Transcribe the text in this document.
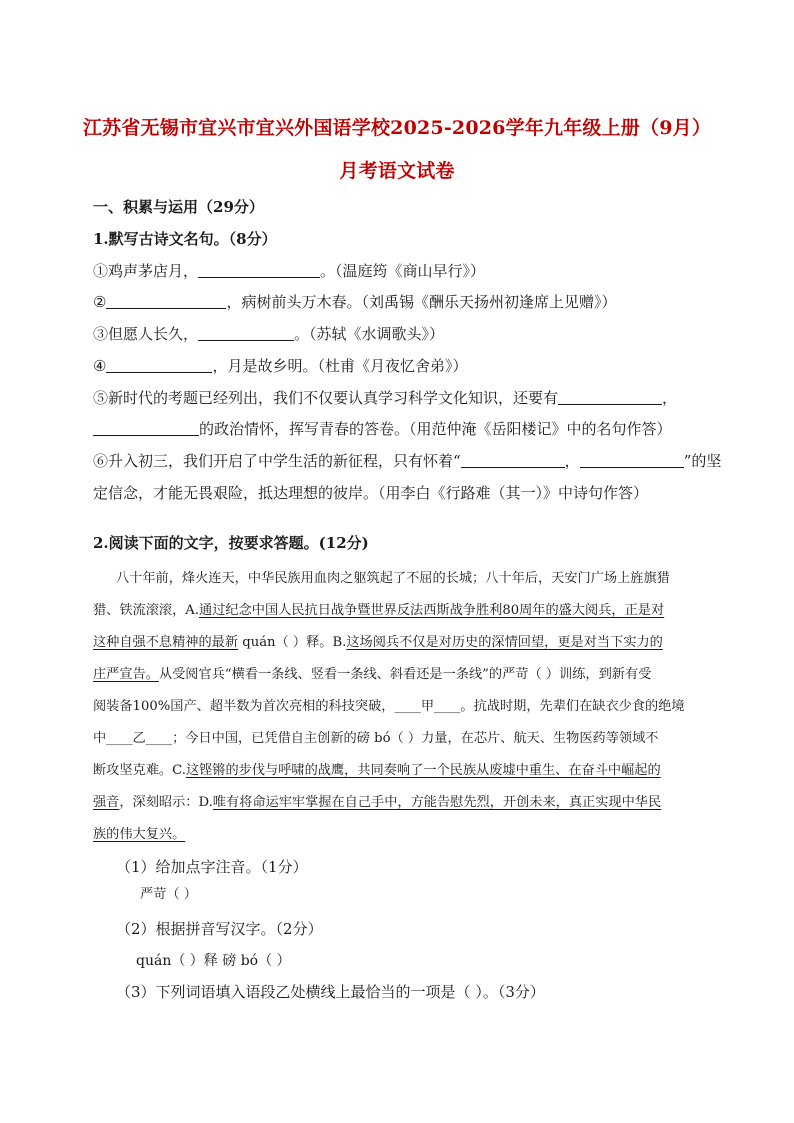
江苏省无锡市宜兴市宜兴外国语学校2025-2026学年九年级上册（9月）
月考语文试卷
一、积累与运用（29分）
1.默写古诗文名句。（8分）
①鸡声茅店月，	。（温庭筠《商山早行》）
②	，病树前头万木春。（刘禹锡《酬乐天扬州初逢席上见赠》）
③但愿人长久，	。（苏轼《水调歌头》）
④	，月是故乡明。（杜甫《月夜忆舍弟》）
⑤新时代的考题已经列出，我们不仅要认真学习科学文化知识，还要有	，
的政治情怀，挥写青春的答卷。（用范仲淹《岳阳楼记》中的名句作答）
⑥升入初三，我们开启了中学生活的新征程，只有怀着“	，	”的坚
定信念，才能无畏艰险，抵达理想的彼岸。（用李白《行路难（其一）》中诗句作答）
2.阅读下面的文字，按要求答题。(12分)
八十年前，烽火连天，中华民族用血肉之躯筑起了不屈的长城；八十年后，天安门广场上旌旗猎
猎、铁流滚滚，A.通过纪念中国人民抗日战争暨世界反法西斯战争胜利80周年的盛大阅兵，正是对
这种自强不息精神的最新 quán（ ）释。B.这场阅兵不仅是对历史的深情回望，更是对当下实力的
庄严宣告。从受阅官兵“横看一条线、竖看一条线、斜看还是一条线”的严苛（ ）训练，到新有受
阅装备100%国产、超半数为首次亮相的科技突破，____甲____。抗战时期，先辈们在缺衣少食的绝境
中____乙____；今日中国，已凭借自主创新的磅 bó（ ）力量，在芯片、航天、生物医药等领域不
断攻坚克难。C.这铿锵的步伐与呼啸的战鹰，共同奏响了一个民族从废墟中重生、在奋斗中崛起的
强音，深刻昭示：D.唯有将命运牢牢掌握在自己手中，方能告慰先烈，开创未来，真正实现中华民
族的伟大复兴。
（1）给加点字注音。（1分）
严苛（ ）
（2）根据拼音写汉字。（2分）
quán（ ）释 磅 bó（ ）
（3）下列词语填入语段乙处横线上最恰当的一项是（ ）。（3分）
